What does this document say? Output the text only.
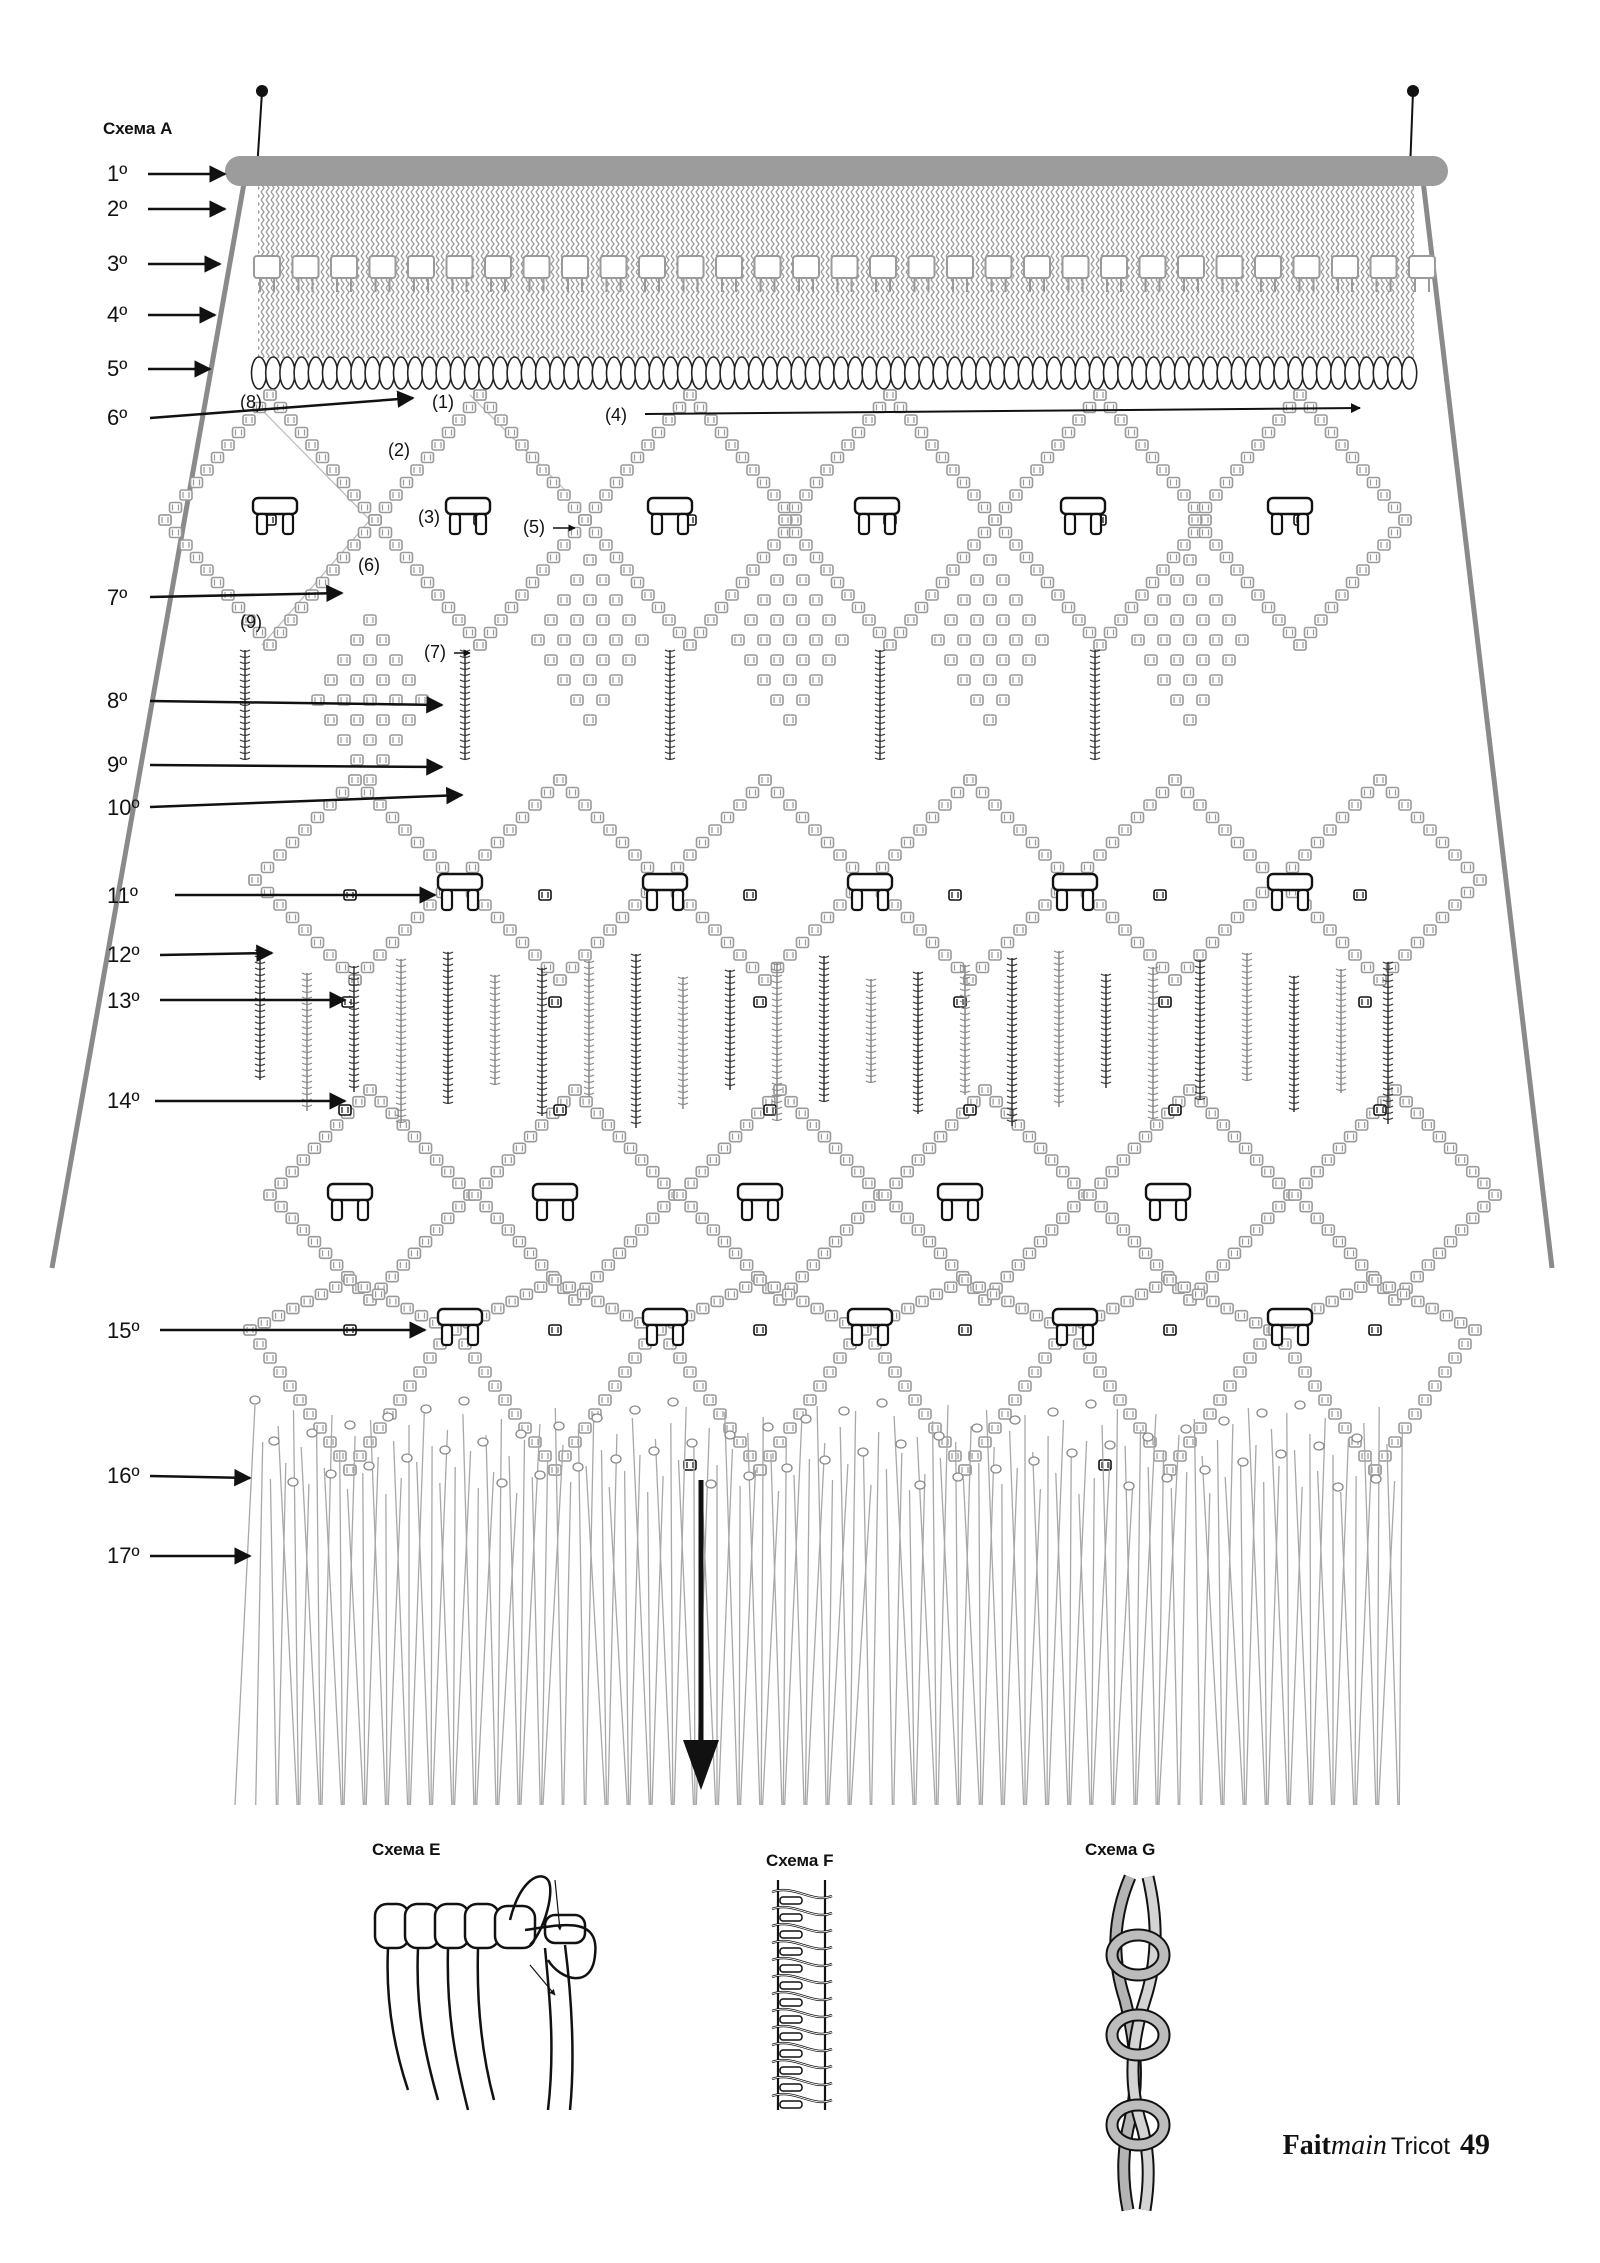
Схема A
1º
2º
3º
4º
5º
6º
7º
8º
9º
10º
11º
12º
13º
14º
15º
16º
17º
(1)
(2)
(3)
(4)
(5)
(6)
(7)
(8)
(9)
Схема E
Схема F
Схема G
Faitmain Tricot 49
